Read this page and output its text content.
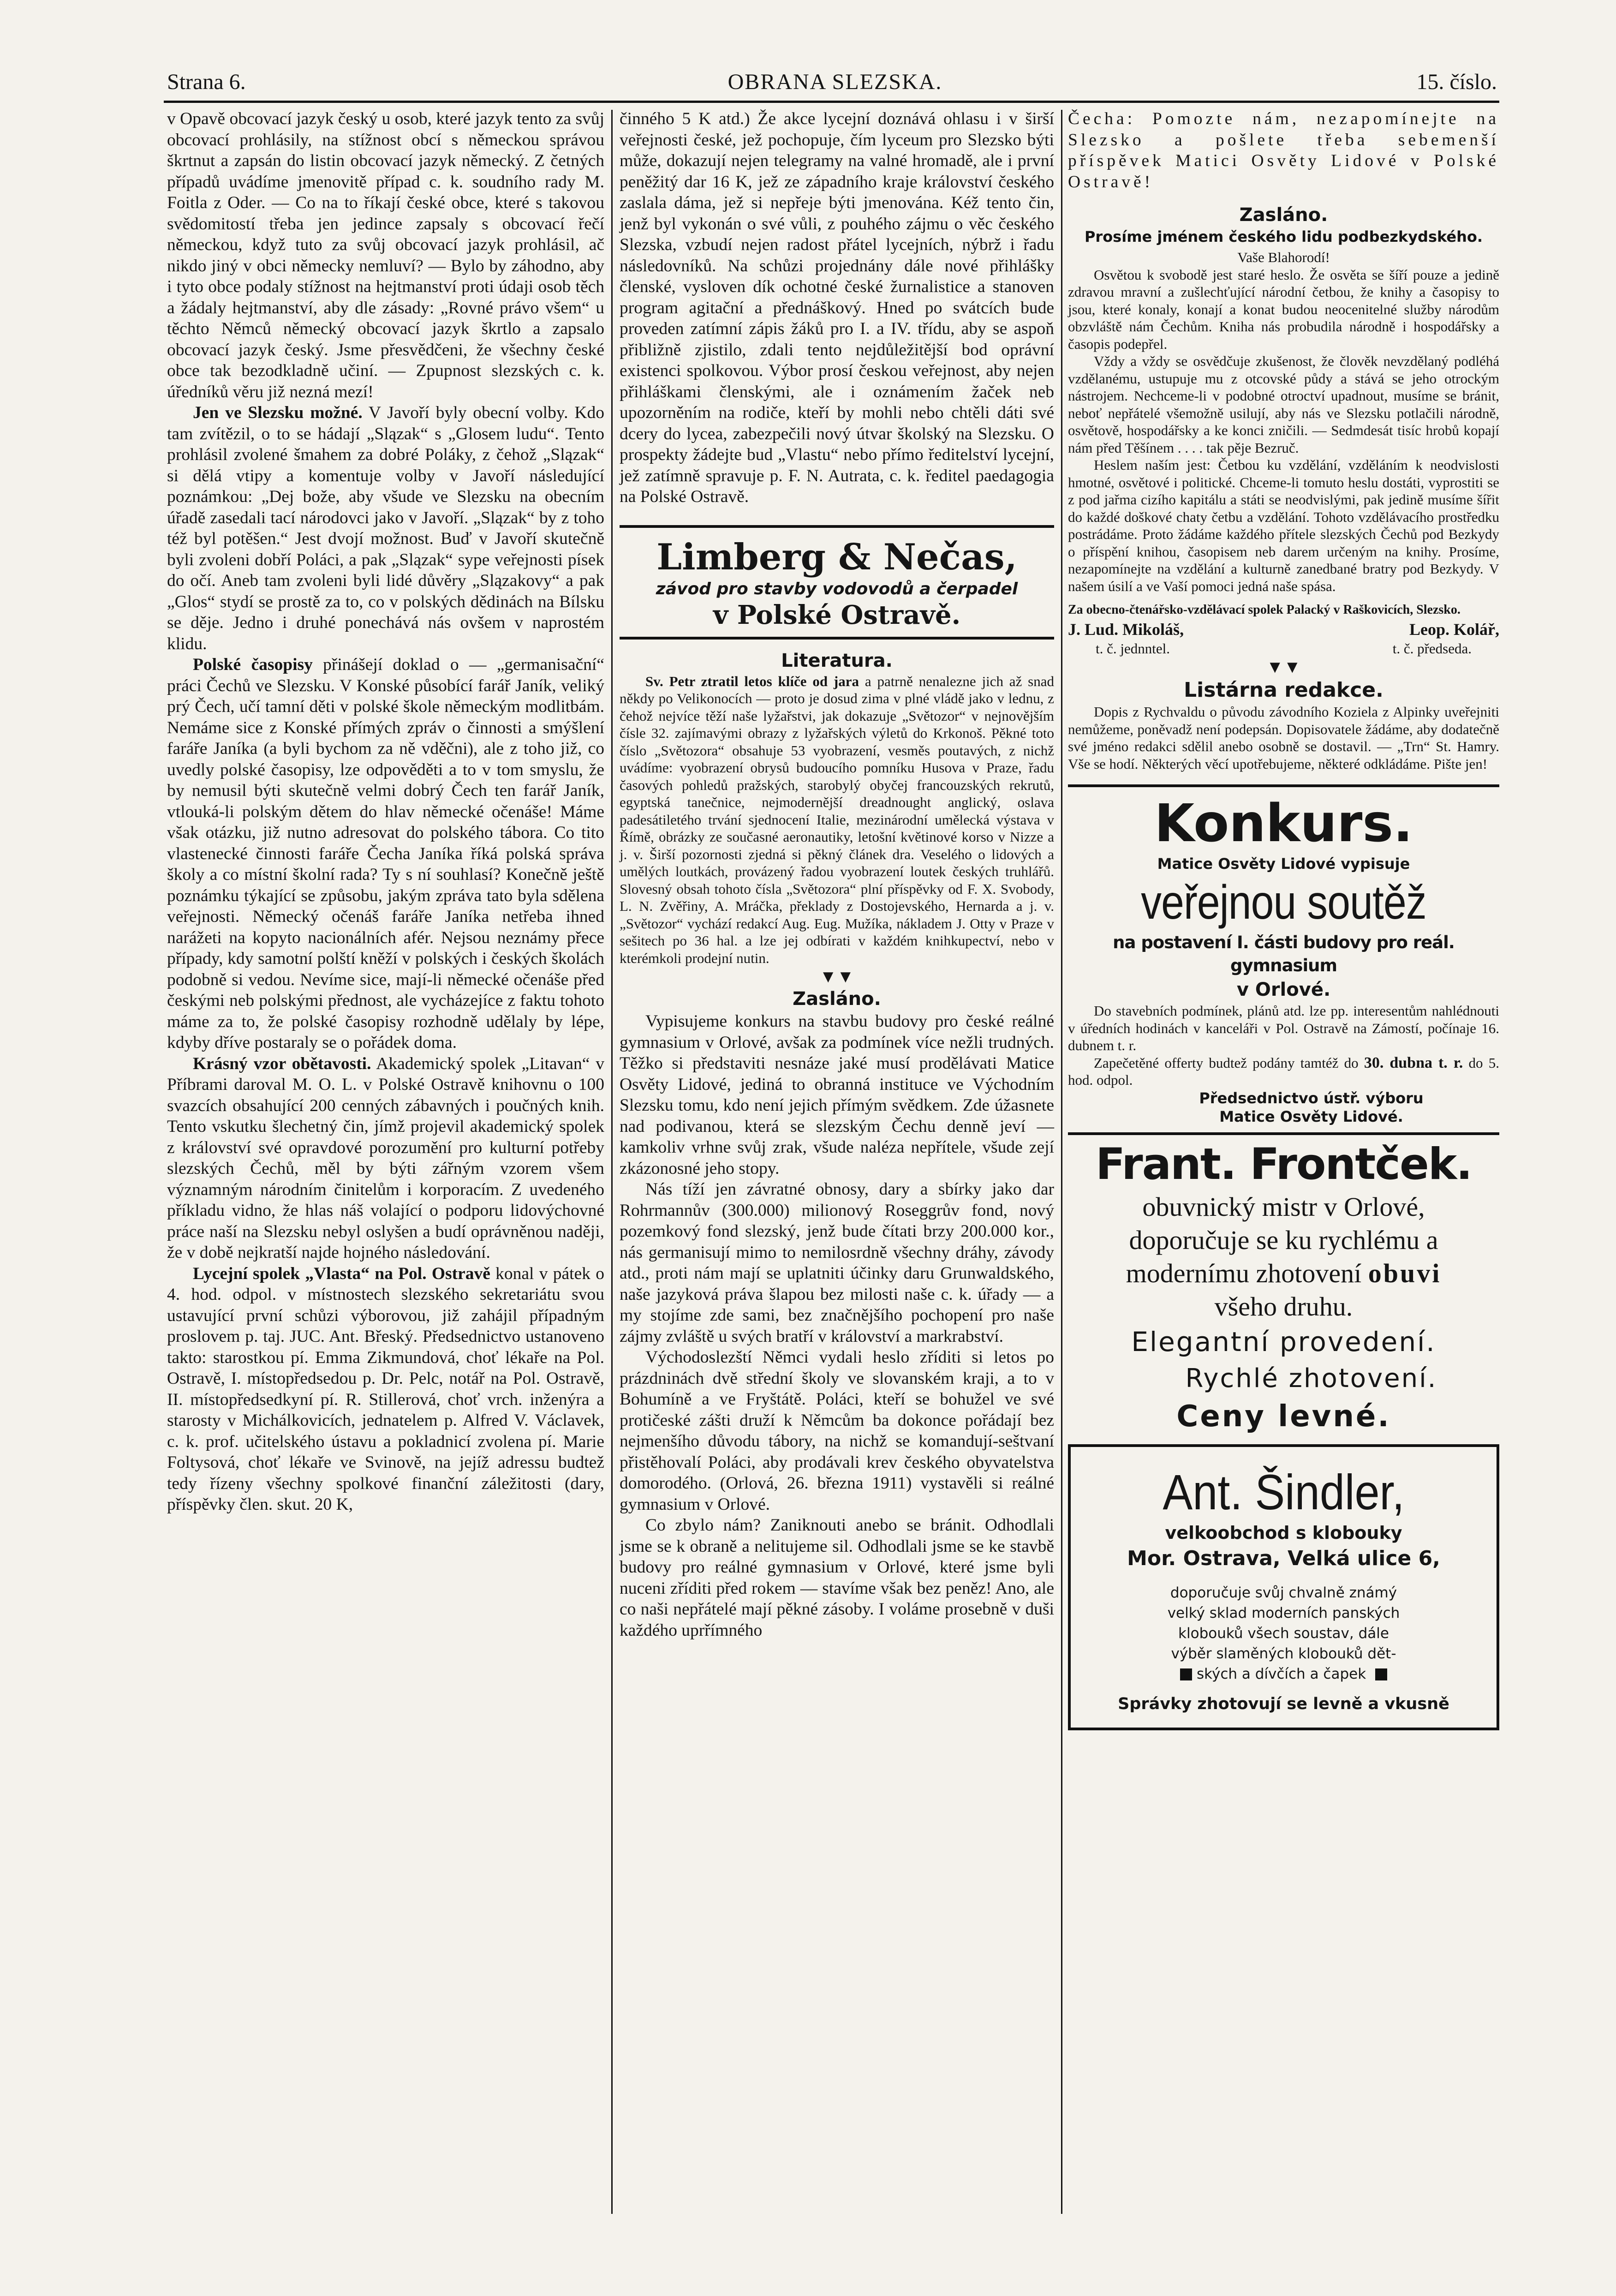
Strana 6.	OBRANA SLEZSKA.	15. číslo.

v Opavě obcovací jazyk český u osob, které jazyk tento za svůj obcovací prohlásily, na stížnost obcí s německou správou škrtnut a zapsán do listin obcovací jazyk německý. Z četných případů uvádíme jmenovitě případ c. k. soudního rady M. Foitla z Oder. — Co na to říkají české obce, které s takovou svědomitostí třeba jen jedince zapsaly s obcovací řečí německou, když tuto za svůj obcovací jazyk prohlásil, ač nikdo jiný v obci německy nemluví? — Bylo by záhodno, aby i tyto obce podaly stížnost na hejtmanství proti údaji osob těch a žádaly hejtmanství, aby dle zásady: „Rovné právo všem“ u těchto Němců německý obcovací jazyk škrtlo a zapsalo obcovací jazyk český. Jsme přesvědčeni, že všechny české obce tak bezodkladně učiní. — Zpupnost slezských c. k. úředníků věru již nezná mezí!

Jen ve Slezsku možné. V Javoří byly obecní volby. Kdo tam zvítězil, o to se hádají „Slązak“ s „Glosem ludu“. Tento prohlásil zvolené šmahem za dobré Poláky, z čehož „Slązak“ si dělá vtipy a komentuje volby v Javoří následující poznámkou: „Dej bože, aby všude ve Slezsku na obecním úřadě zasedali tací národovci jako v Javoří. „Slązak“ by z toho též byl potěšen.“ Jest dvojí možnost. Buď v Javoří skutečně byli zvoleni dobří Poláci, a pak „Slązak“ sype veřejnosti písek do očí. Aneb tam zvoleni byli lidé důvěry „Slązakovy“ a pak „Glos“ stydí se prostě za to, co v polských dědinách na Bílsku se děje. Jedno i druhé ponechává nás ovšem v naprostém klidu.

Polské časopisy přinášejí doklad o — „germanisační“ práci Čechů ve Slezsku. V Konské působící farář Janík, veliký prý Čech, učí tamní děti v polské škole německým modlitbám. Nemáme sice z Konské přímých zpráv o činnosti a smýšlení faráře Janíka (a byli bychom za ně vděčni), ale z toho již, co uvedly polské časopisy, lze odpověděti a to v tom smyslu, že by nemusil býti skutečně velmi dobrý Čech ten farář Janík, vtlouká-li polským dětem do hlav německé očenáše! Máme však otázku, již nutno adresovat do polského tábora. Co tito vlastenecké činnosti faráře Čecha Janíka říká polská správa školy a co místní školní rada? Ty s ní souhlasí? Konečně ještě poznámku týkající se způsobu, jakým zpráva tato byla sdělena veřejnosti. Německý očenáš faráře Janíka netřeba ihned narážeti na kopyto nacionálních afér. Nejsou neznámy přece případy, kdy samotní polští kněží v polských i českých školách podobně si vedou. Nevíme sice, mají-li německé očenáše před českými neb polskými přednost, ale vycházejíce z faktu tohoto máme za to, že polské časopisy rozhodně udělaly by lépe, kdyby dříve postaraly se o pořádek doma.

Krásný vzor obětavosti. Akademický spolek „Litavan“ v Příbrami daroval M. O. L. v Polské Ostravě knihovnu o 100 svazcích obsahující 200 cenných zábavných i poučných knih. Tento vskutku šlechetný čin, jímž projevil akademický spolek z království své opravdové porozumění pro kulturní potřeby slezských Čechů, měl by býti zářným vzorem všem významným národním činitelům i korporacím. Z uvedeného příkladu vidno, že hlas náš volající o podporu lidovýchovné práce naší na Slezsku nebyl oslyšen a budí oprávněnou naději, že v době nejkratší najde hojného následování.

Lycejní spolek „Vlasta“ na Pol. Ostravě konal v pátek o 4. hod. odpol. v místnostech slezského sekretariátu svou ustavující první schůzi výborovou, již zahájil případným proslovem p. taj. JUC. Ant. Břeský. Předsednictvo ustanoveno takto: starostkou pí. Emma Zikmundová, choť lékaře na Pol. Ostravě, I. místopředsedou p. Dr. Pelc, notář na Pol. Ostravě, II. místopředsedkyní pí. R. Stillerová, choť vrch. inženýra a starosty v Michálkovicích, jednatelem p. Alfred V. Václavek, c. k. prof. učitelského ústavu a pokladnicí zvolena pí. Marie Foltysová, choť lékaře ve Svinově, na jejíž adressu budtež tedy řízeny všechny spolkové finanční záležitosti (dary, příspěvky člen. skut. 20 K,

činného 5 K atd.) Že akce lycejní doznává ohlasu i v širší veřejnosti české, jež pochopuje, čím lyceum pro Slezsko býti může, dokazují nejen telegramy na valné hromadě, ale i první peněžitý dar 16 K, jež ze západního kraje království českého zaslala dáma, jež si nepřeje býti jmenována. Kéž tento čin, jenž byl vykonán o své vůli, z pouhého zájmu o věc českého Slezska, vzbudí nejen radost přátel lycejních, nýbrž i řadu následovníků. Na schůzi projednány dále nové přihlášky členské, vysloven dík ochotné české žurnalistice a stanoven program agitační a přednáškový. Hned po svátcích bude proveden zatímní zápis žáků pro I. a IV. třídu, aby se aspoň přibližně zjistilo, zdali tento nejdůležitější bod oprávní existenci spolkovou. Výbor prosí českou veřejnost, aby nejen přihláškami členskými, ale i oznámením žaček neb upozorněním na rodiče, kteří by mohli nebo chtěli dáti své dcery do lycea, zabezpečili nový útvar školský na Slezsku. O prospekty žádejte bud „Vlastu“ nebo přímo ředitelství lycejní, jež zatímně spravuje p. F. N. Autrata, c. k. ředitel paedagogia na Polské Ostravě.

Limberg & Nečas,
závod pro stavby vodovodů a čerpadel
v Polské Ostravě.
Literatura.

Sv. Petr ztratil letos klíče od jara a patrně nenalezne jich až snad někdy po Velikonocích — proto je dosud zima v plné vládě jako v lednu, z čehož nejvíce těží naše lyžařstvi, jak dokazuje „Světozor“ v nejnovějším čísle 32. zajímavými obrazy z lyžařských výletů do Krkonoš. Pěkné toto číslo „Světozora“ obsahuje 53 vyobrazení, vesměs poutavých, z nichž uvádíme: vyobrazení obrysů budoucího pomníku Husova v Praze, řadu časových pohledů pražských, starobylý obyčej francouzských rekrutů, egyptská tanečnice, nejmodernější dreadnought anglický, oslava padesátiletého trvání sjednocení Italie, mezinárodní umělecká výstava v Římě, obrázky ze současné aeronautiky, letošní květinové korso v Nizze a j. v. Širší pozornosti zjedná si pěkný článek dra. Veselého o lidových a umělých loutkách, provázený řadou vyobrazení loutek českých truhlářů. Slovesný obsah tohoto čísla „Světozora“ plní příspěvky od F. X. Svobody, L. N. Zvěřiny, A. Mráčka, překlady z Dostojevského, Hernarda a j. v. „Světozor“ vychází redakcí Aug. Eug. Mužíka, nákladem J. Otty v Praze v sešitech po 36 hal. a lze jej odbírati v každém knihkupectví, nebo v kterémkoli prodejní nutin.

▼▼
Zasláno.

Vypisujeme konkurs na stavbu budovy pro české reálné gymnasium v Orlové, avšak za podmínek více nežli trudných. Těžko si představiti nesnáze jaké musí prodělávati Matice Osvěty Lidové, jediná to obranná instituce ve Východním Slezsku tomu, kdo není jejich přímým svědkem. Zde úžasnete nad podivanou, která se slezským Čechu denně jeví — kamkoliv vrhne svůj zrak, všude naléza nepřítele, všude zejí zkázonosné jeho stopy.

Nás tíží jen závratné obnosy, dary a sbírky jako dar Rohrmannův (300.000) milionový Roseggrův fond, nový pozemkový fond slezský, jenž bude čítati brzy 200.000 kor., nás germanisují mimo to nemilosrdně všechny dráhy, závody atd., proti nám mají se uplatniti účinky daru Grunwaldského, naše jazyková práva šlapou bez milosti naše c. k. úřady — a my stojíme zde sami, bez značnějšího pochopení pro naše zájmy zvláště u svých bratří v království a markrabství.

Východoslezští Němci vydali heslo zříditi si letos po prázdninách dvě střední školy ve slovanském kraji, a to v Bohumíně a ve Fryštátě. Poláci, kteří se bohužel ve své protičeské zášti druží k Němcům ba dokonce pořádají bez nejmenšího důvodu tábory, na nichž se komandují-seštvaní přistěhovalí Poláci, aby prodávali krev českého obyvatelstva domorodého. (Orlová, 26. března 1911) vystavěli si reálné gymnasium v Orlové.

Co zbylo nám? Zaniknouti anebo se bránit. Odhodlali jsme se k obraně a nelitujeme sil. Odhodlali jsme se ke stavbě budovy pro reálné gymnasium v Orlové, které jsme byli nuceni zříditi před rokem — stavíme však bez peněz! Ano, ale co naši nepřátelé mají pěkné zásoby. I voláme prosebně v duši každého uprřímného

Čecha: Pomozte nám, nezapomínejte na Slezsko a pošlete třeba sebemenší příspěvek Matici Osvěty Lidové v Polské Ostravě!

Zasláno.
Prosíme jménem českého lidu podbezkydského.
Vaše Blahorodí!

Osvětou k svobodě jest staré heslo. Že osvěta se šíří pouze a jedině zdravou mravní a zušlechťující národní četbou, že knihy a časopisy to jsou, které konaly, konají a konat budou neocenitelné služby národům obzvláště nám Čechům. Kniha nás probudila národně i hospodářsky a časopis podepřel.

Vždy a vždy se osvědčuje zkušenost, že člověk nevzdělaný podléhá vzdělanému, ustupuje mu z otcovské půdy a stává se jeho otrockým nástrojem. Nechceme-li v podobné otroctví upadnout, musíme se bránit, neboť nepřátelé všemožně usilují, aby nás ve Slezsku potlačili národně, osvětově, hospodářsky a ke konci zničili. — Sedmdesát tisíc hrobů kopají nám před Těšínem . . . . tak pěje Bezruč.

Heslem naším jest: Četbou ku vzdělání, vzděláním k neodvislosti hmotné, osvětové i politické. Chceme-li tomuto heslu dostáti, vyprostiti se z pod jařma cizího kapitálu a státi se neodvislými, pak jedině musíme šířit do každé doškové chaty četbu a vzdělání. Tohoto vzdělávacího prostředku postrádáme. Proto žádáme každého přítele slezských Čechů pod Bezkydy o příspění knihou, časopisem neb darem určeným na knihy. Prosíme, nezapomínejte na vzdělání a kulturně zanedbané bratry pod Bezkydy. V našem úsilí a ve Vaší pomoci jedná naše spása.

Za obecno-čtenářsko-vzdělávací spolek Palacký v Raškovicích, Slezsko.
J. Lud. Mikoláš,	Leop. Kolář,
t. č. jednntel.	t. č. předseda.
▼▼
Listárna redakce.

Dopis z Rychvaldu o původu závodního Koziela z Alpinky uveřejniti nemůžeme, poněvadž není podepsán. Dopisovatele žádáme, aby dodatečně své jméno redakci sdělil anebo osobně se dostavil. — „Trn“ St. Hamry. Vše se hodí. Některých věcí upotřebujeme, některé odkládáme. Pište jen!

Konkurs.
Matice Osvěty Lidové vypisuje
veřejnou soutěž
na postavení I. části budovy pro reál. gymnasium
v Orlové.

Do stavebních podmínek, plánů atd. lze pp. interesentům nahlédnouti v úředních hodinách v kanceláři v Pol. Ostravě na Zámostí, počínaje 16. dubnem t. r.

Zapečetěné offerty budtež podány tamtéž do 30. dubna t. r. do 5. hod. odpol.

Předsednictvo ústř. výboru
Matice Osvěty Lidové.
Frant. Frontček.
obuvnický mistr v Orlové,
doporučuje se ku rychlému a
modernímu zhotovení obuvi
všeho druhu.
Elegantní provedení.
Rychlé zhotovení.
Ceny levné.
Ant. Šindler,
velkoobchod s klobouky
Mor. Ostrava, Velká ulice 6,
doporučuje svůj chvalně známý
velký sklad moderních panských
klobouků všech soustav, dále
výběr slaměných klobouků dět-
ských a dívčích a čapek
Správky zhotovují se levně a vkusně
